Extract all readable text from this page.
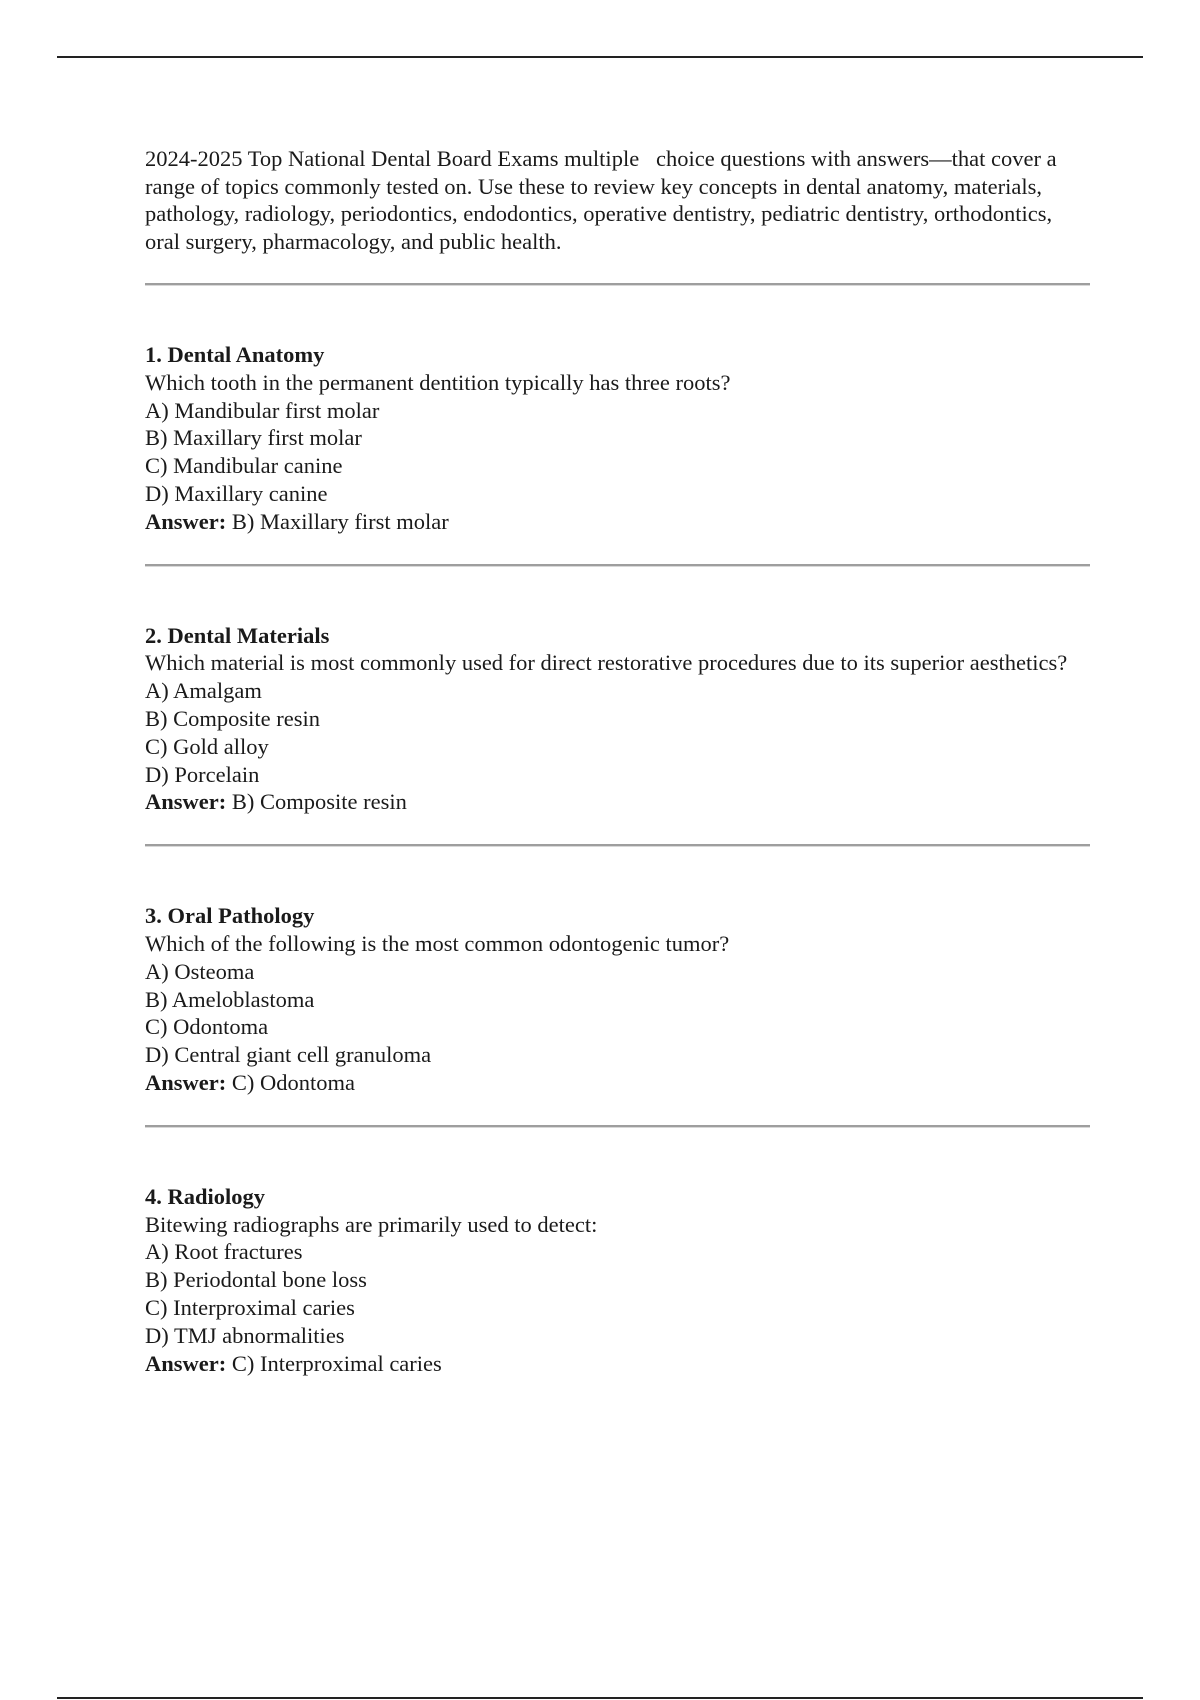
2024-2025 Top National Dental Board Exams multiple   choice questions with answers—that cover a range of topics commonly tested on. Use these to review key concepts in dental anatomy, materials, pathology, radiology, periodontics, endodontics, operative dentistry, pediatric dentistry, orthodontics, oral surgery, pharmacology, and public health.

1. Dental Anatomy
Which tooth in the permanent dentition typically has three roots?
A) Mandibular first molar
B) Maxillary first molar
C) Mandibular canine
D) Maxillary canine
Answer: B) Maxillary first molar
2. Dental Materials
Which material is most commonly used for direct restorative procedures due to its superior aesthetics?
A) Amalgam
B) Composite resin
C) Gold alloy
D) Porcelain
Answer: B) Composite resin
3. Oral Pathology
Which of the following is the most common odontogenic tumor?
A) Osteoma
B) Ameloblastoma
C) Odontoma
D) Central giant cell granuloma
Answer: C) Odontoma
4. Radiology
Bitewing radiographs are primarily used to detect:
A) Root fractures
B) Periodontal bone loss
C) Interproximal caries
D) TMJ abnormalities
Answer: C) Interproximal caries
